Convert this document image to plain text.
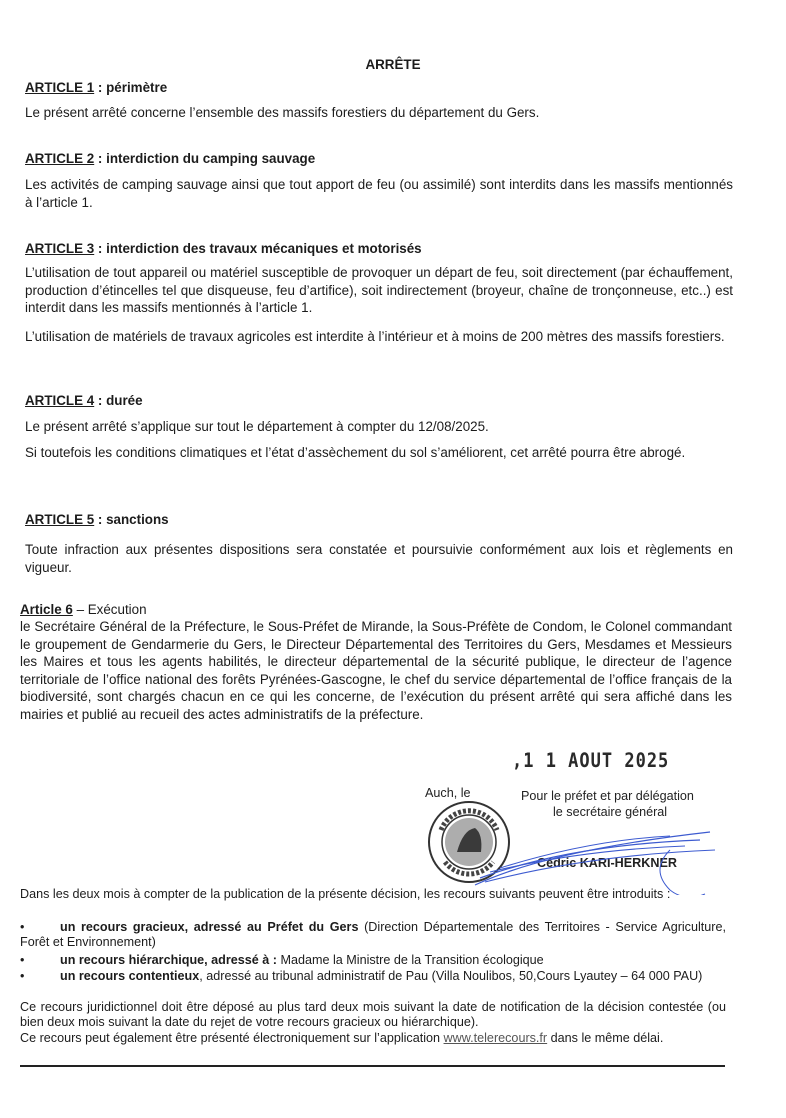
ARRÊTE
ARTICLE 1 : périmètre
Le présent arrêté concerne l’ensemble des massifs forestiers du département du Gers.
ARTICLE 2 : interdiction du camping sauvage
Les activités de camping sauvage ainsi que tout apport de feu (ou assimilé) sont interdits dans les massifs mentionnés à l’article 1.
ARTICLE 3 : interdiction des travaux mécaniques et motorisés
L’utilisation de tout appareil ou matériel susceptible de provoquer un départ de feu, soit directement (par échauffement, production d’étincelles tel que disqueuse, feu d’artifice), soit indirectement (broyeur, chaîne de tronçonneuse, etc..) est interdit dans les massifs mentionnés à l’article 1.
L’utilisation de matériels de travaux agricoles est interdite à l’intérieur et à moins de 200 mètres des massifs forestiers.
ARTICLE 4 : durée
Le présent arrêté s’applique sur tout le département à compter du 12/08/2025.
Si toutefois les conditions climatiques et l’état d’assèchement du sol s’améliorent, cet arrêté pourra être abrogé.
ARTICLE 5 : sanctions
Toute infraction aux présentes dispositions sera constatée et poursuivie conformément aux lois et règlements en vigueur.
Article 6 – Exécution
le Secrétaire Général de la Préfecture, le Sous-Préfet de Mirande, la Sous-Préfète de Condom, le Colonel commandant le groupement de Gendarmerie du Gers, le Directeur Départemental des Territoires du Gers, Mesdames et Messieurs les Maires et tous les agents habilités, le directeur départemental de la sécurité publique, le directeur de l’agence territoriale de l’office national des forêts Pyrénées-Gascogne, le chef du service départemental de l’office français de la biodiversité, sont chargés chacun en ce qui les concerne, de l’exécution du présent arrêté qui sera affiché dans les mairies et publié au recueil des actes administratifs de la préfecture.
,1 1 AOUT 2025
Auch, le	Pour le préfet et par délégation
le secrétaire général
Cédric KARI-HERKNER
Dans les deux mois à compter de la publication de la présente décision, les recours suivants peuvent être introduits :
•	un recours gracieux, adressé au Préfet du Gers (Direction Départementale des Territoires - Service Agriculture, Forêt et Environnement)
•	un recours hiérarchique, adressé à : Madame la Ministre de la Transition écologique
•	un recours contentieux, adressé au tribunal administratif de Pau (Villa Noulibos, 50,Cours Lyautey – 64 000 PAU)
Ce recours juridictionnel doit être déposé au plus tard deux mois suivant la date de notification de la décision contestée (ou bien deux mois suivant la date du rejet de votre recours gracieux ou hiérarchique).
Ce recours peut également être présenté électroniquement sur l’application www.telerecours.fr dans le même délai.
